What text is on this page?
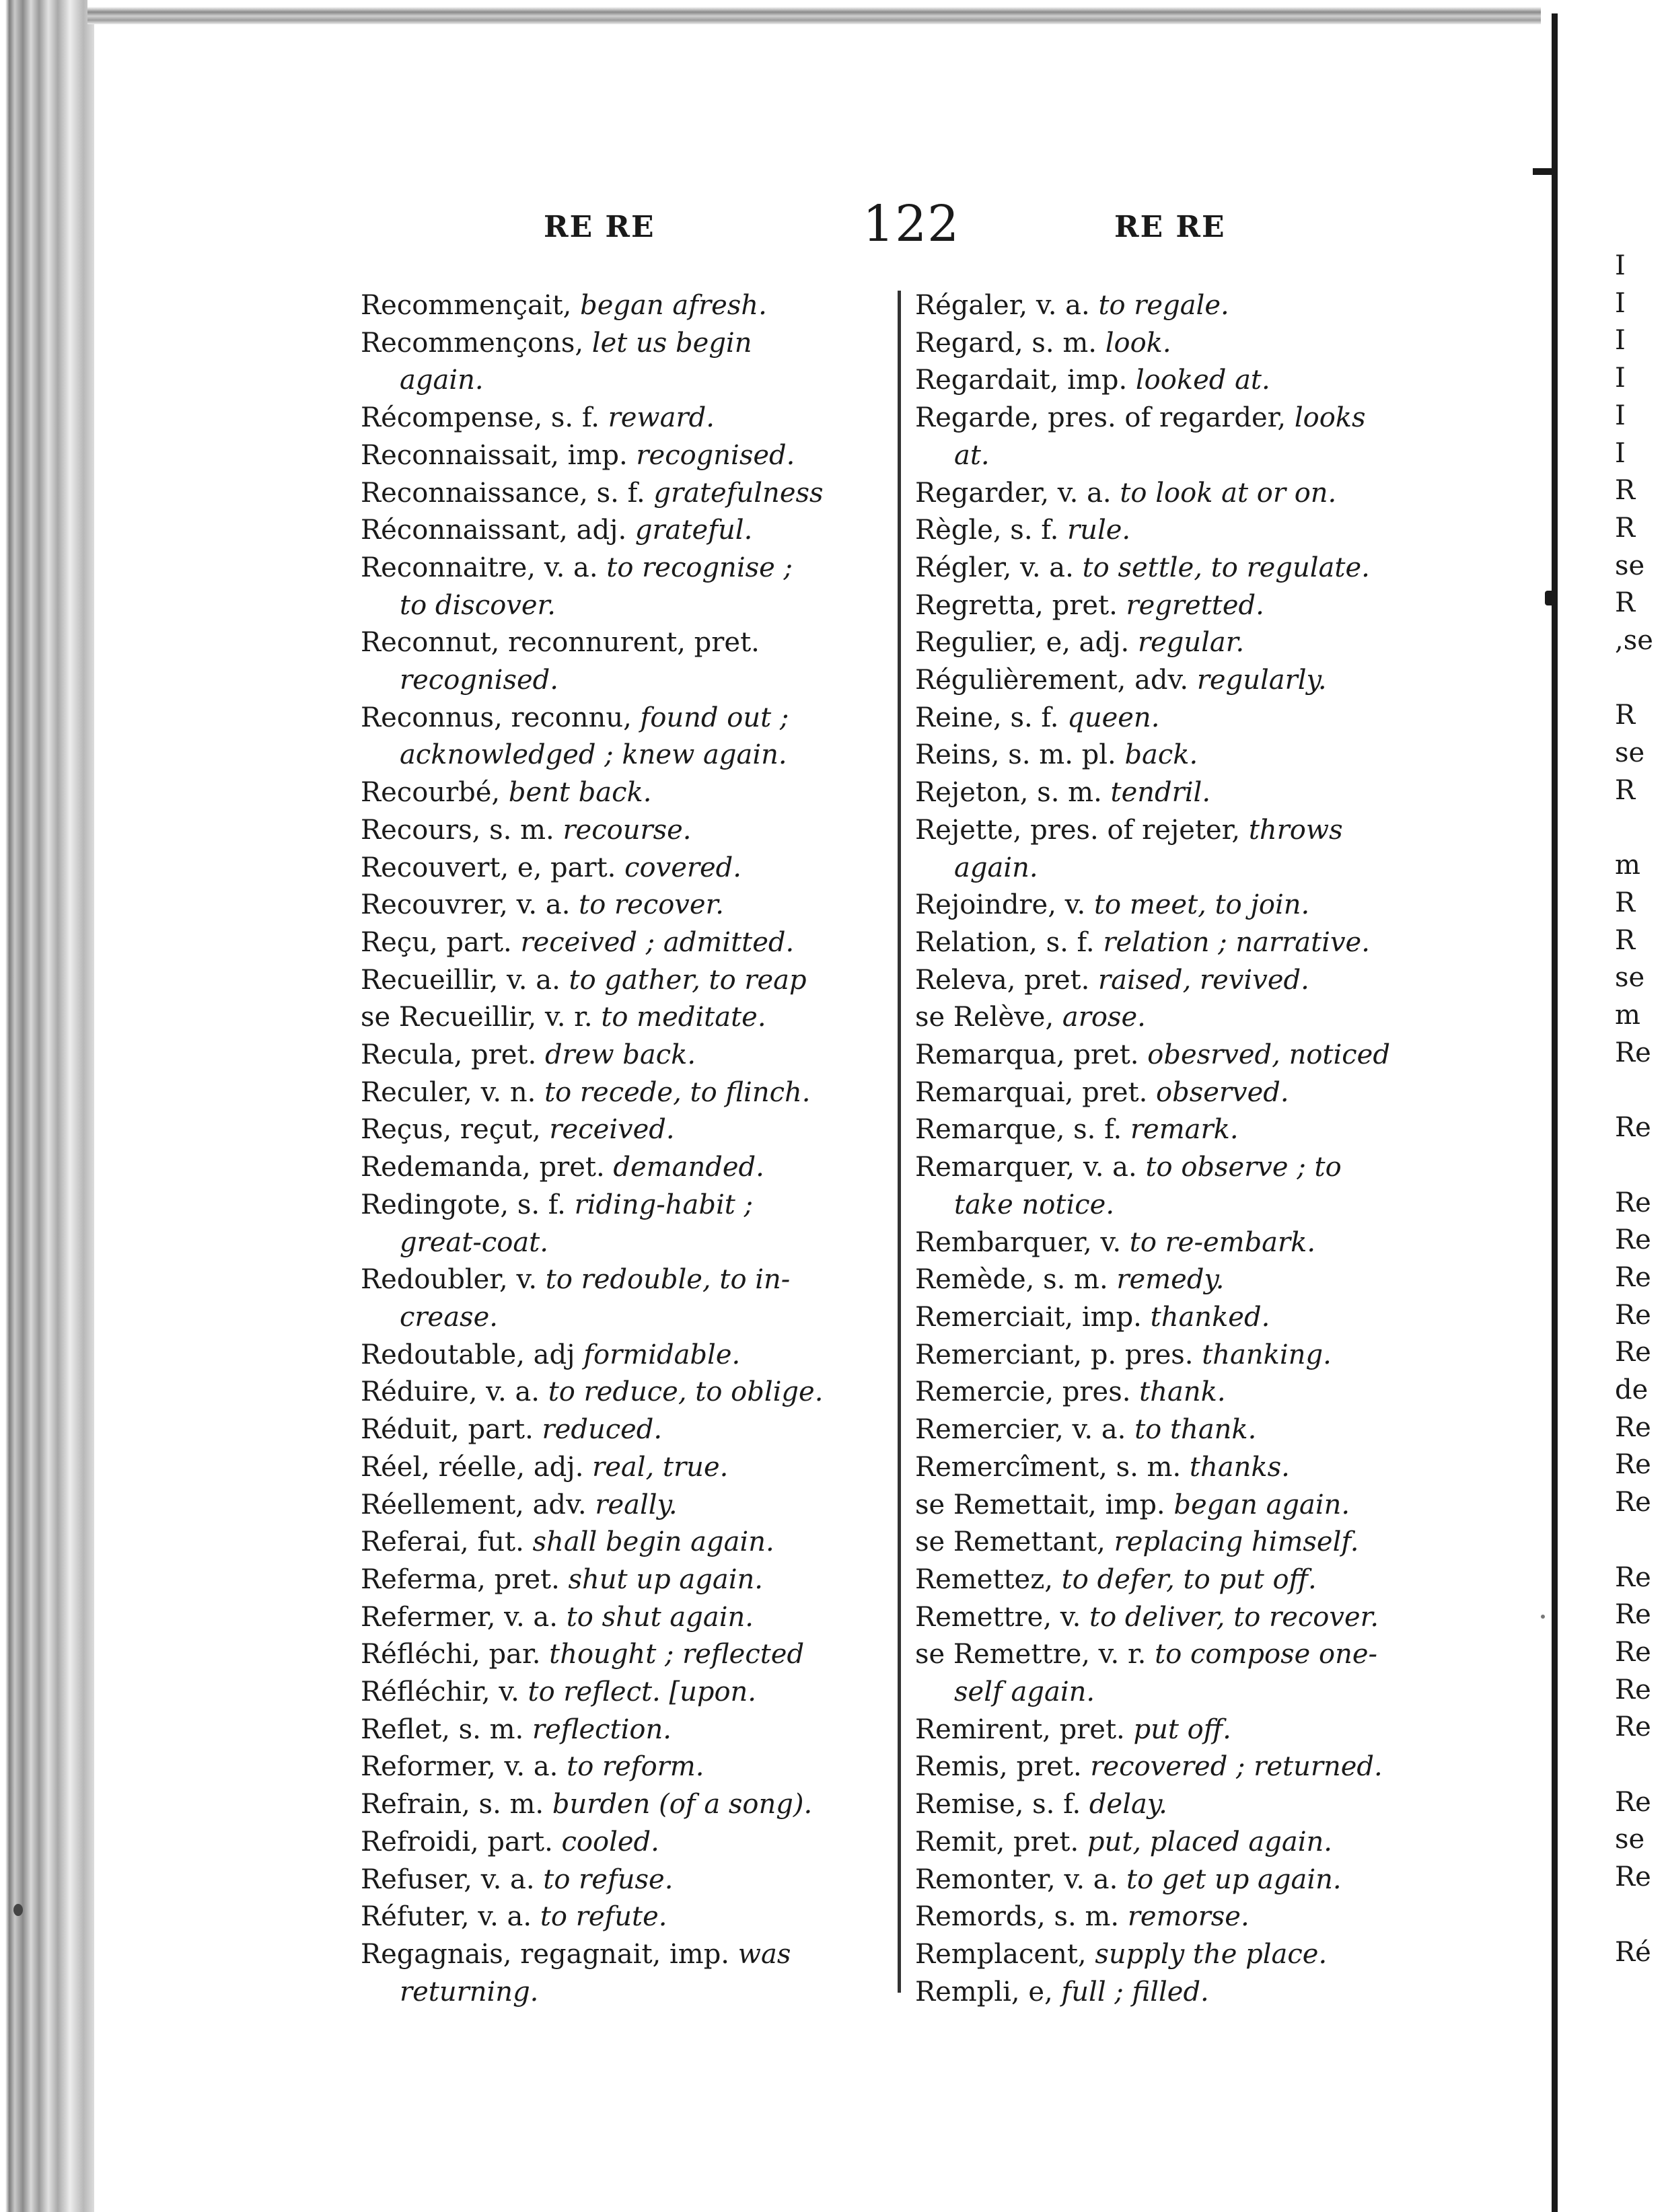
RE RE	122	RE RE
Recommençait, began afresh.
Recommençons, let us begin
again.
Récompense, s. f. reward.
Reconnaissait, imp. recognised.
Reconnaissance, s. f. gratefulness
Réconnaissant, adj. grateful.
Reconnaitre, v. a. to recognise ;
to discover.
Reconnut, reconnurent, pret.
recognised.
Reconnus, reconnu, found out ;
acknowledged ; knew again.
Recourbé, bent back.
Recours, s. m. recourse.
Recouvert, e, part. covered.
Recouvrer, v. a. to recover.
Reçu, part. received ; admitted.
Recueillir, v. a. to gather, to reap
se Recueillir, v. r. to meditate.
Recula, pret. drew back.
Reculer, v. n. to recede, to flinch.
Reçus, reçut, received.
Redemanda, pret. demanded.
Redingote, s. f. riding-habit ;
great-coat.
Redoubler, v. to redouble, to in-
crease.
Redoutable, adj formidable.
Réduire, v. a. to reduce, to oblige.
Réduit, part. reduced.
Réel, réelle, adj. real, true.
Réellement, adv. really.
Referai, fut. shall begin again.
Referma, pret. shut up again.
Refermer, v. a. to shut again.
Réfléchi, par. thought ; reflected
Réfléchir, v. to reflect. [upon.
Reflet, s. m. reflection.
Reformer, v. a. to reform.
Refrain, s. m. burden (of a song).
Refroidi, part. cooled.
Refuser, v. a. to refuse.
Réfuter, v. a. to refute.
Regagnais, regagnait, imp. was
returning.
Régaler, v. a. to regale.
Regard, s. m. look.
Regardait, imp. looked at.
Regarde, pres. of regarder, looks
at.
Regarder, v. a. to look at or on.
Règle, s. f. rule.
Régler, v. a. to settle, to regulate.
Regretta, pret. regretted.
Regulier, e, adj. regular.
Régulièrement, adv. regularly.
Reine, s. f. queen.
Reins, s. m. pl. back.
Rejeton, s. m. tendril.
Rejette, pres. of rejeter, throws
again.
Rejoindre, v. to meet, to join.
Relation, s. f. relation ; narrative.
Releva, pret. raised, revived.
se Relève, arose.
Remarqua, pret. obesrved, noticed
Remarquai, pret. observed.
Remarque, s. f. remark.
Remarquer, v. a. to observe ; to
take notice.
Rembarquer, v. to re-embark.
Remède, s. m. remedy.
Remerciait, imp. thanked.
Remerciant, p. pres. thanking.
Remercie, pres. thank.
Remercier, v. a. to thank.
Remercîment, s. m. thanks.
se Remettait, imp. began again.
se Remettant, replacing himself.
Remettez, to defer, to put off.
Remettre, v. to deliver, to recover.
se Remettre, v. r. to compose one-
self again.
Remirent, pret. put off.
Remis, pret. recovered ; returned.
Remise, s. f. delay.
Remit, pret. put, placed again.
Remonter, v. a. to get up again.
Remords, s. m. remorse.
Remplacent, supply the place.
Rempli, e, full ; filled.
I
I
I
I
I
I
R
R
se
R
,se
R
se
R
m
R
R
se
m
Re
Re
Re
Re
Re
Re
Re
de
Re
Re
Re
Re
Re
Re
Re
Re
Re
se
Re
Ré
